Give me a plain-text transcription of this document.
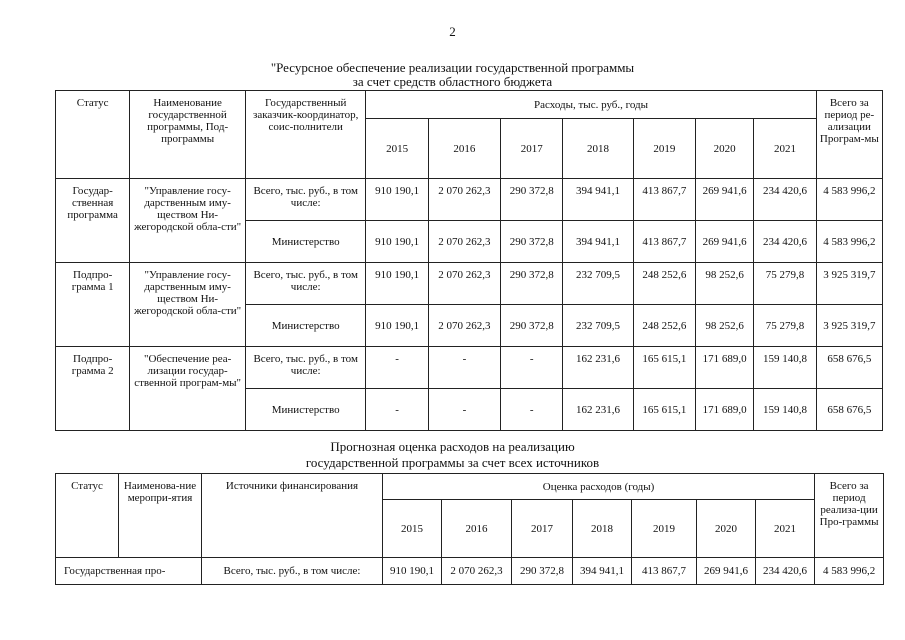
2
"Ресурсное обеспечение реализации государственной программы
за счет средств областного бюджета
Статус	Наименование государственной программы, Под-программы	Государственный заказчик-координатор, соис-полнители	Расходы, тыс. руб., годы							Всего за период ре-ализации Програм-мы
			2015	2016	2017	2018	2019	2020	2021	
Государ-ственная программа	"Управление госу-дарственным иму-ществом Ни-жегородской обла-сти"	Всего, тыс. руб., в том числе:	910 190,1	2 070 262,3	290 372,8	394 941,1	413 867,7	269 941,6	234 420,6	4 583 996,2
		Министерство	910 190,1	2 070 262,3	290 372,8	394 941,1	413 867,7	269 941,6	234 420,6	4 583 996,2
Подпро-грамма 1	"Управление госу-дарственным иму-ществом Ни-жегородской обла-сти"	Всего, тыс. руб., в том числе:	910 190,1	2 070 262,3	290 372,8	232 709,5	248 252,6	98 252,6	75 279,8	3 925 319,7
		Министерство	910 190,1	2 070 262,3	290 372,8	232 709,5	248 252,6	98 252,6	75 279,8	3 925 319,7
Подпро-грамма 2	"Обеспечение реа-лизации государ-ственной програм-мы"	Всего, тыс. руб., в том числе:	-	-	-	162 231,6	165 615,1	171 689,0	159 140,8	658 676,5
		Министерство	-	-	-	162 231,6	165 615,1	171 689,0	159 140,8	658 676,5
Прогнозная оценка расходов на реализацию
государственной программы за счет всех источников
Статус	Наименова-ние меропри-ятия	Источники финансирования	Оценка расходов (годы)							Всего за период реализа-ции Про-граммы
			2015	2016	2017	2018	2019	2020	2021	
Государственная про-		Всего, тыс. руб., в том числе:	910 190,1	2 070 262,3	290 372,8	394 941,1	413 867,7	269 941,6	234 420,6	4 583 996,2
